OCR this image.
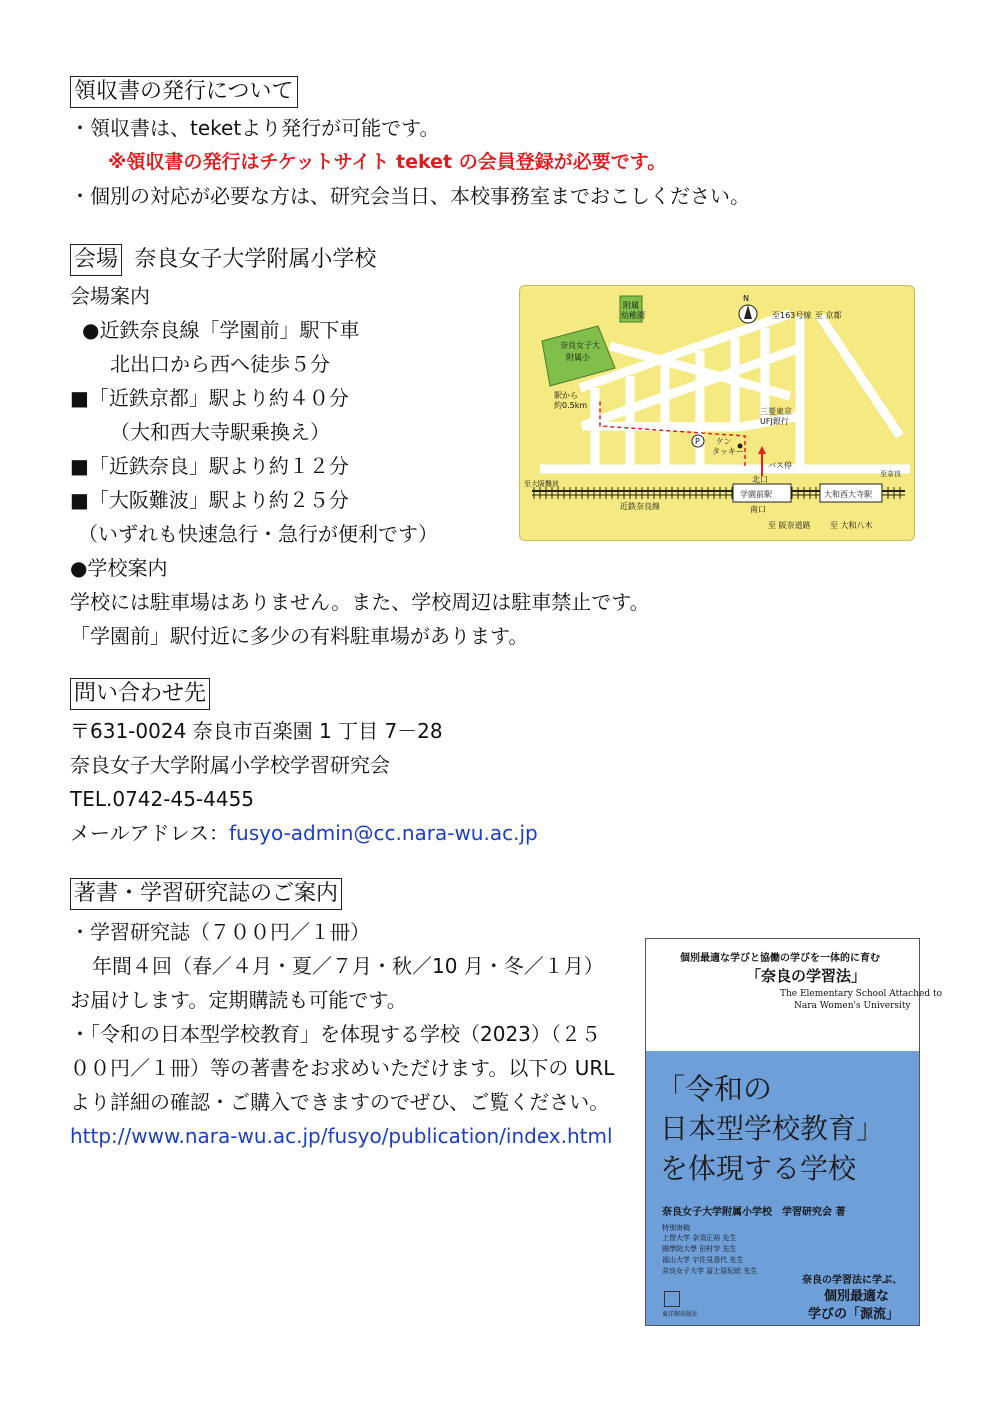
領収書の発行について
・領収書は、teketより発行が可能です。
※領収書の発行はチケットサイト teket の会員登録が必要です。
・個別の対応が必要な方は、研究会当日、本校事務室までおこしください。
会場 奈良女子大学附属小学校
会場案内
●近鉄奈良線「学園前」駅下車
北出口から西へ徒歩５分
■「近鉄京都」駅より約４０分
（大和西大寺駅乗換え）
■「近鉄奈良」駅より約１２分
■「大阪難波」駅より約２５分
（いずれも快速急行・急行が便利です）
●学校案内
学校には駐車場はありません。また、学校周辺は駐車禁止です。
「学園前」駅付近に多少の有料駐車場があります。
N
至163号線 至 京都
附属
幼稚園
奈良女子大
附属小
駅から
約0.5km
三菱東京
UFJ銀行
ケン
タッキー
P
バス停
北口
学園前駅	大和西大寺駅
近鉄奈良線	南口
至 阪奈道路 至 大和八木
至大阪難波
至奈良
問い合わせ先
〒631-0024 奈良市百楽園 1 丁目 7－28
奈良女子大学附属小学校学習研究会
TEL.0742-45-4455
メールアドレス：fusyo-admin@cc.nara-wu.ac.jp
著書・学習研究誌のご案内
・学習研究誌（７００円／１冊）
年間４回（春／４月・夏／７月・秋／10 月・冬／１月）
お届けします。定期購読も可能です。
・「令和の日本型学校教育」を体現する学校（2023）（２５
００円／１冊）等の著書をお求めいただけます。以下の URL
より詳細の確認・ご購入できますのでぜひ、ご覧ください。
http://www.nara-wu.ac.jp/fusyo/publication/index.html
個別最適な学びと協働の学びを一体的に育む
「奈良の学習法」
The Elementary School Attached to
Nara Women's University
「令和の
日本型学校教育」
を体現する学校
奈良女子大学附属小学校　学習研究会 著
特別寄稿
上智大学 奈須正裕 先生
國學院大學 田村学 先生
福山大学 宇佐見香代 先生
奈良女子大学 冨士原紀絵 先生
奈良の学習法に学ぶ、
個別最適な
学びの「源流」
東洋館出版社
